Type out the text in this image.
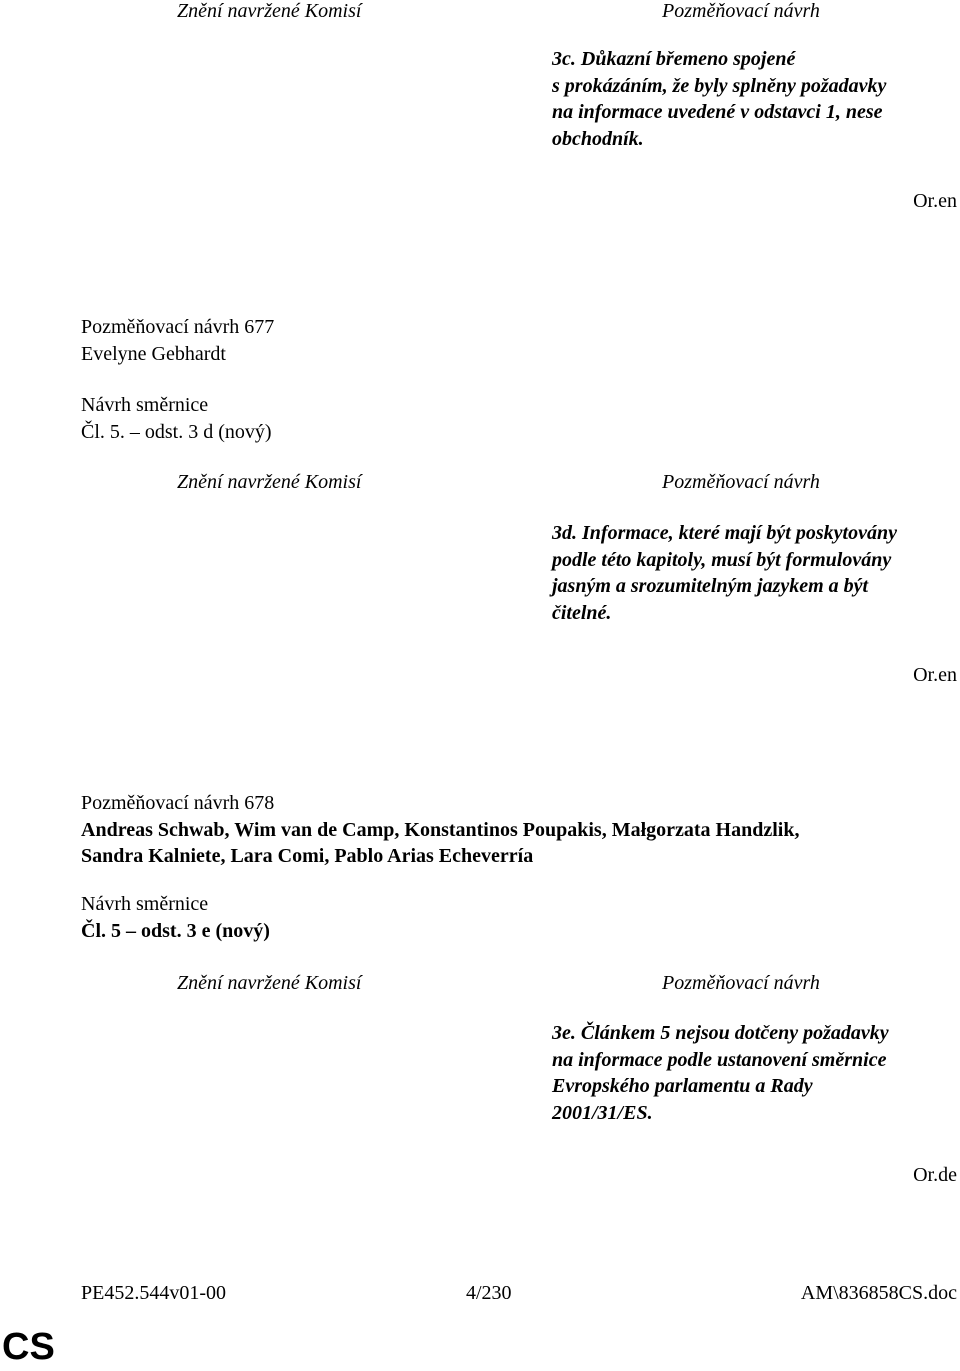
Znění navržené Komisí	Pozměňovací návrh
3c. Důkazní břemeno spojené
s prokázáním, že byly splněny požadavky
na informace uvedené v odstavci 1, nese
obchodník.
Or.en
Pozměňovací návrh 677
Evelyne Gebhardt
Návrh směrnice
Čl. 5. – odst. 3 d (nový)
Znění navržené Komisí	Pozměňovací návrh
3d. Informace, které mají být poskytovány
podle této kapitoly, musí být formulovány
jasným a srozumitelným jazykem a být
čitelné.
Or.en
Pozměňovací návrh 678
Andreas Schwab, Wim van de Camp, Konstantinos Poupakis, Małgorzata Handzlik,
Sandra Kalniete, Lara Comi, Pablo Arias Echeverría
Návrh směrnice
Čl. 5 – odst. 3 e (nový)
Znění navržené Komisí	Pozměňovací návrh
3e. Článkem 5 nejsou dotčeny požadavky
na informace podle ustanovení směrnice
Evropského parlamentu a Rady
2001/31/ES.
Or.de
PE452.544v01-00	4/230	AM\836858CS.doc
CS
